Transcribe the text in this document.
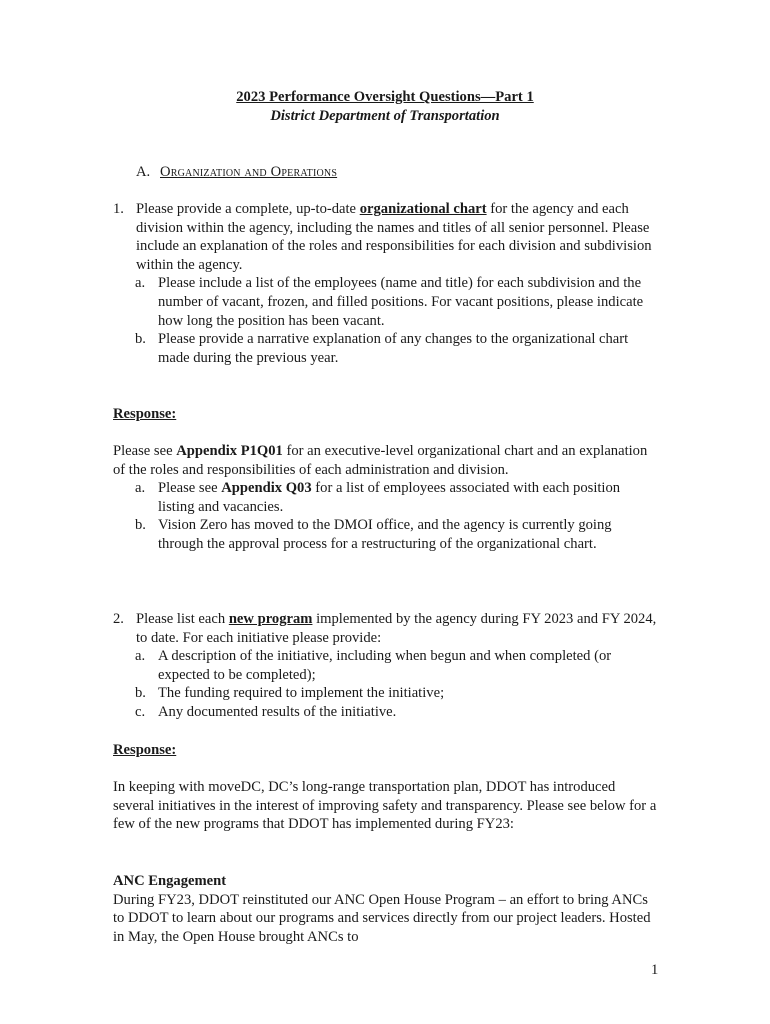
2023 Performance Oversight Questions—Part 1
District Department of Transportation
A. Organization and Operations
1. Please provide a complete, up-to-date organizational chart for the agency and each division within the agency, including the names and titles of all senior personnel. Please include an explanation of the roles and responsibilities for each division and subdivision within the agency.
a. Please include a list of the employees (name and title) for each subdivision and the number of vacant, frozen, and filled positions. For vacant positions, please indicate how long the position has been vacant.
b. Please provide a narrative explanation of any changes to the organizational chart made during the previous year.
Response:
Please see Appendix P1Q01 for an executive-level organizational chart and an explanation of the roles and responsibilities of each administration and division.
a. Please see Appendix Q03 for a list of employees associated with each position listing and vacancies.
b. Vision Zero has moved to the DMOI office, and the agency is currently going through the approval process for a restructuring of the organizational chart.
2. Please list each new program implemented by the agency during FY 2023 and FY 2024, to date. For each initiative please provide:
a. A description of the initiative, including when begun and when completed (or expected to be completed);
b. The funding required to implement the initiative;
c. Any documented results of the initiative.
Response:
In keeping with moveDC, DC’s long-range transportation plan, DDOT has introduced several initiatives in the interest of improving safety and transparency. Please see below for a few of the new programs that DDOT has implemented during FY23:
ANC Engagement
During FY23, DDOT reinstituted our ANC Open House Program – an effort to bring ANCs to DDOT to learn about our programs and services directly from our project leaders. Hosted in May, the Open House brought ANCs to
1
